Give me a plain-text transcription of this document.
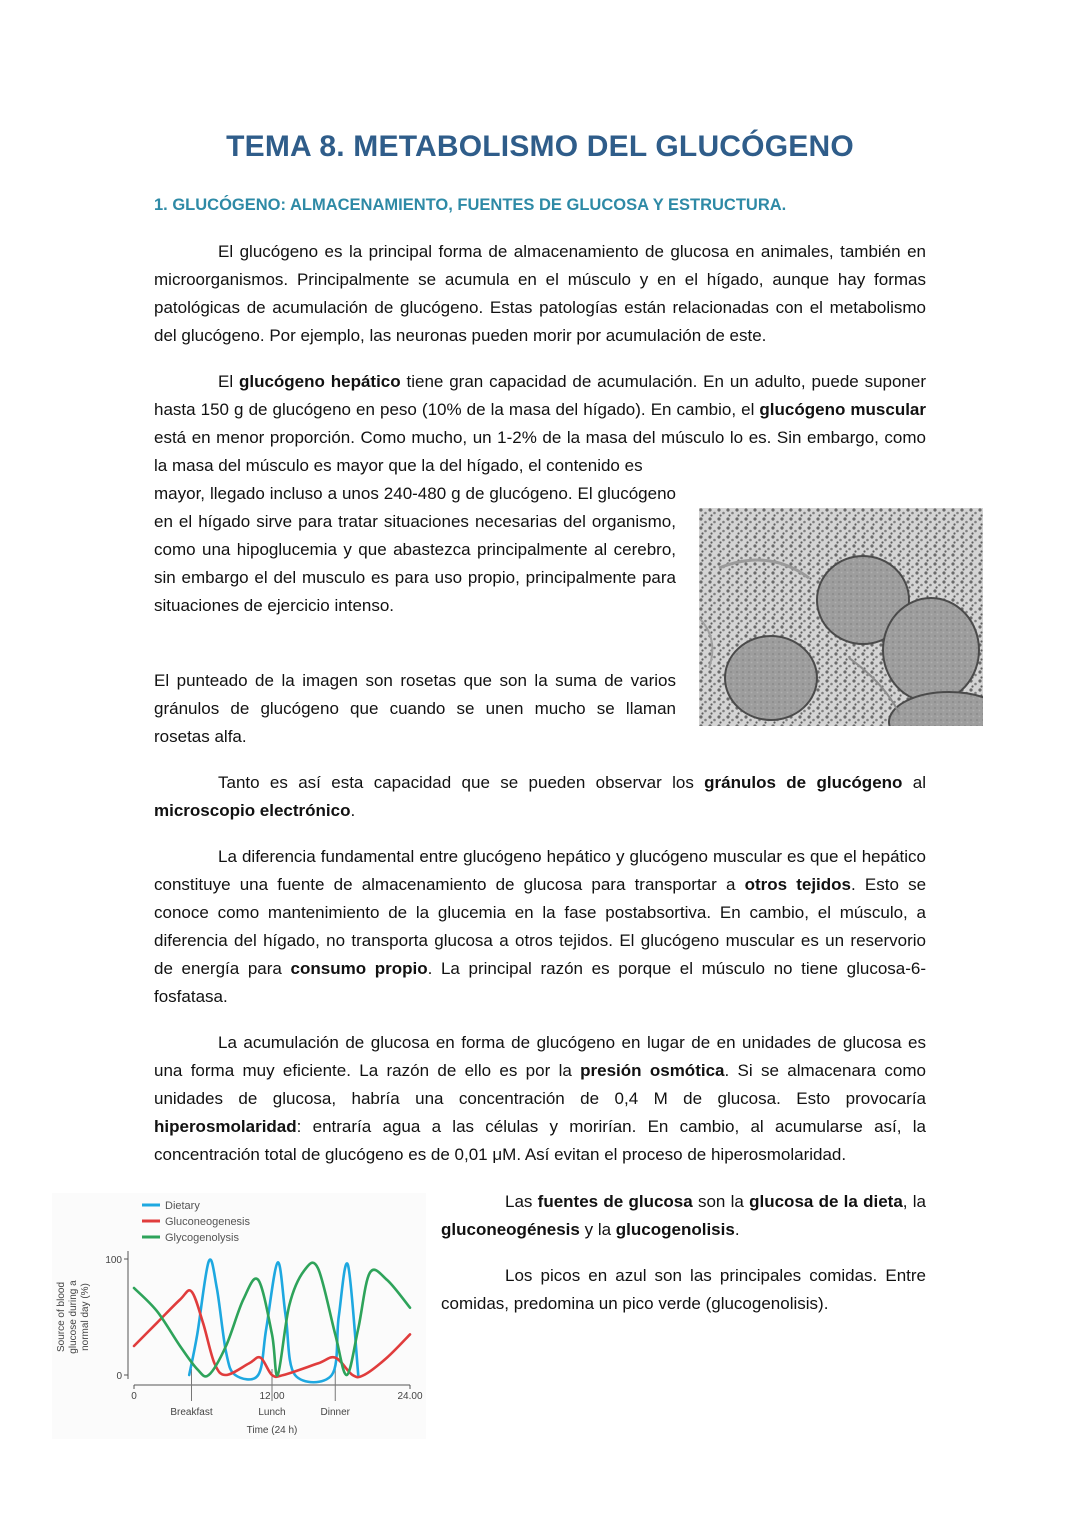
TEMA 8. METABOLISMO DEL GLUCÓGENO
1. GLUCÓGENO: ALMACENAMIENTO, FUENTES DE GLUCOSA Y ESTRUCTURA.

El glucógeno es la principal forma de almacenamiento de glucosa en animales, también en microorganismos. Principalmente se acumula en el músculo y en el hígado, aunque hay formas patológicas de acumulación de glucógeno. Estas patologías están relacionadas con el metabolismo del glucógeno. Por ejemplo, las neuronas pueden morir por acumulación de este.

El glucógeno hepático tiene gran capacidad de acumulación. En un adulto, puede suponer hasta 150 g de glucógeno en peso (10% de la masa del hígado). En cambio, el glucógeno muscular está en menor proporción. Como mucho, un 1-2% de la masa del músculo lo es. Sin embargo, como la masa del músculo es mayor que la del hígado, el contenido es

mayor, llegado incluso a unos 240-480 g de glucógeno. El glucógeno en el hígado sirve para tratar situaciones necesarias del organismo, como una hipoglucemia y que abastezca principalmente al cerebro, sin embargo el del musculo es para uso propio, principalmente para situaciones de ejercicio intenso.

El punteado de la imagen son rosetas que son la suma de varios gránulos de glucógeno que cuando se unen mucho se llaman rosetas alfa.

Tanto es así esta capacidad que se pueden observar los gránulos de glucógeno al microscopio electrónico.

La diferencia fundamental entre glucógeno hepático y glucógeno muscular es que el hepático constituye una fuente de almacenamiento de glucosa para transportar a otros tejidos. Esto se conoce como mantenimiento de la glucemia en la fase postabsortiva. En cambio, el músculo, a diferencia del hígado, no transporta glucosa a otros tejidos. El glucógeno muscular es un reservorio de energía para consumo propio. La principal razón es porque el músculo no tiene glucosa-6-fosfatasa.

La acumulación de glucosa en forma de glucógeno en lugar de en unidades de glucosa es una forma muy eficiente. La razón de ello es por la presión osmótica. Si se almacenara como unidades de glucosa, habría una concentración de 0,4 M de glucosa. Esto provocaría hiperosmolaridad: entraría agua a las células y morirían. En cambio, al acumularse así, la concentración total de glucógeno es de 0,01 μM. Así evitan el proceso de hiperosmolaridad.

100
0
0	12.00	24.00
Breakfast	Lunch	Dinner
Time (24 h)
Source of blood glucose during a normal day (%)
Dietary
Gluconeogenesis
Glycogenolysis

Las fuentes de glucosa son la glucosa de la dieta, la gluconeogénesis y la glucogenolisis.

Los picos en azul son las principales comidas. Entre comidas, predomina un pico verde (glucogenolisis).
